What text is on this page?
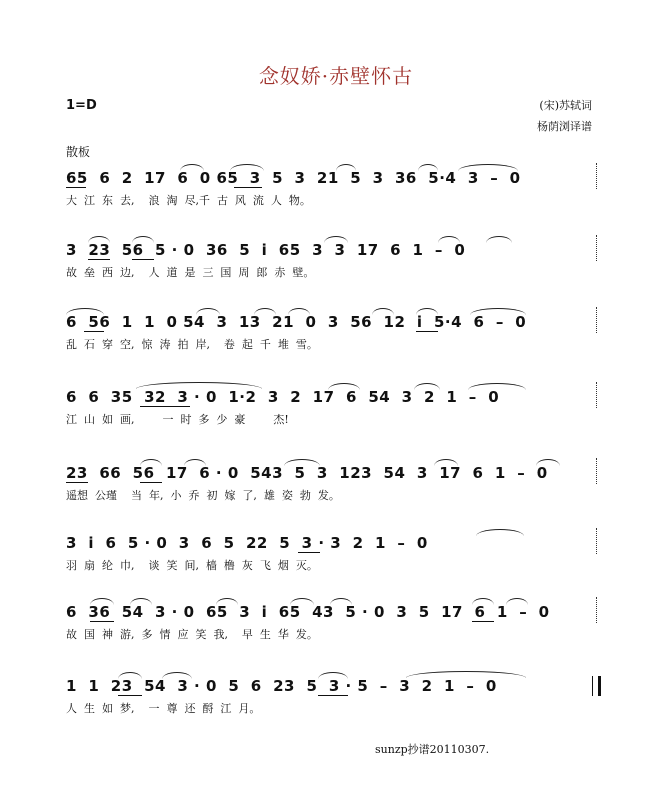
念奴娇·赤壁怀古
1=D	(宋)苏轼词
杨荫浏译谱
散板
65  6  2  17  6  0 65  3  5  3  21  5  3  36  5·4  3  –  0
大  江  东  去,    浪  淘  尽,千  古  风  流  人  物。
3  23  56  5 · 0  36  5  i  65  3  3  17  6  1  –  0
故  垒  西  边,    人  道  是  三  国  周  郎  赤  壁。
6  56  1  1  0 54  3  13  21  0  3  56  12  i  5·4  6  –  0
乱  石  穿  空,  惊  涛  拍  岸,    卷  起  千  堆  雪。
6  6  35  32  3 · 0  1·2  3  2  17  6  54  3  2  1  –  0
江  山  如  画,        一  时  多  少  豪        杰!
23  66  56  17  6 · 0  543  5  3  123  54  3  17  6  1  –  0
遥想  公瑾    当  年,  小  乔  初  嫁  了,  雄  姿  勃  发。
3  i  6  5 · 0  3  6  5  22  5  3 · 3  2  1  –  0
羽  扇  纶  巾,    谈  笑  间,  樯  橹  灰  飞  烟  灭。
6  36  54  3 · 0  65  3  i  65  43  5 · 0  3  5  17  6  1  –  0
故  国  神  游,  多  情  应  笑  我,    早  生  华  发。
1  1  23  54  3 · 0  5  6  23  5  3 · 5  –  3  2  1  –  0
人  生  如  梦,    一  尊  还  酹  江  月。
sunzp抄谱20110307.
